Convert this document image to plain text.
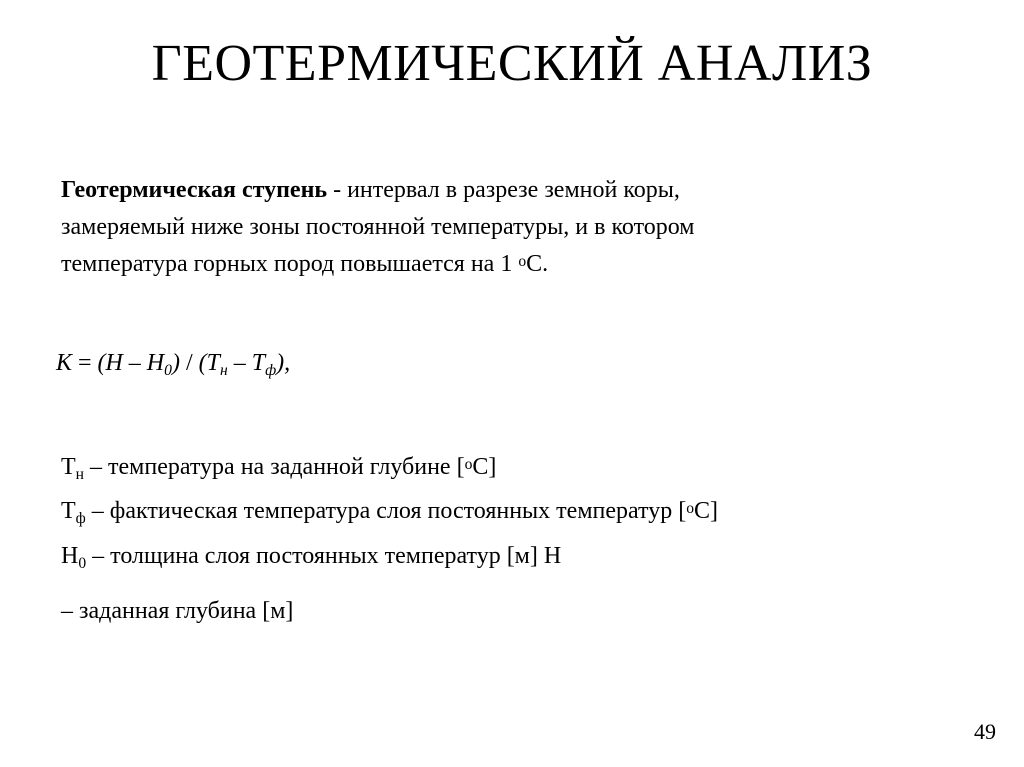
ГЕОТЕРМИЧЕСКИЙ АНАЛИЗ
Геотермическая ступень - интервал в разрезе земной коры,
замеряемый ниже зоны постоянной температуры, и в котором
температура горных пород повышается на 1 $^о$С.
$К = (Н - Н_0) / (Т_н - Т_ф)$,
$Т_н$ – температура на заданной глубине [$^о$С]
$Т_ф$ – фактическая температура слоя постоянных температур [$^о$С]
$Н_0$ – толщина слоя постоянных температур [м] Н
– заданная глубина [м]
49
